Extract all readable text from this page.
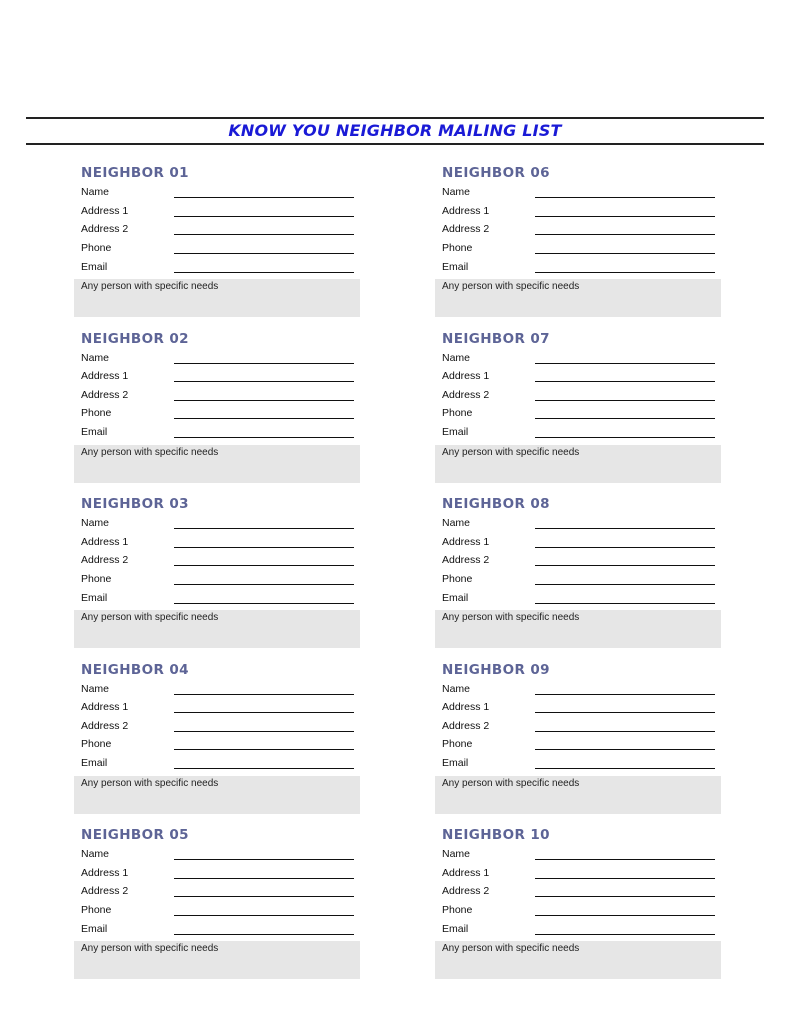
KNOW YOU NEIGHBOR MAILING LIST
NEIGHBOR 01
Name
Address 1
Address 2
Phone
Email
Any person with specific needs
NEIGHBOR 02
Name
Address 1
Address 2
Phone
Email
Any person with specific needs
NEIGHBOR 03
Name
Address 1
Address 2
Phone
Email
Any person with specific needs
NEIGHBOR 04
Name
Address 1
Address 2
Phone
Email
Any person with specific needs
NEIGHBOR 05
Name
Address 1
Address 2
Phone
Email
Any person with specific needs
NEIGHBOR 06
Name
Address 1
Address 2
Phone
Email
Any person with specific needs
NEIGHBOR 07
Name
Address 1
Address 2
Phone
Email
Any person with specific needs
NEIGHBOR 08
Name
Address 1
Address 2
Phone
Email
Any person with specific needs
NEIGHBOR 09
Name
Address 1
Address 2
Phone
Email
Any person with specific needs
NEIGHBOR 10
Name
Address 1
Address 2
Phone
Email
Any person with specific needs
